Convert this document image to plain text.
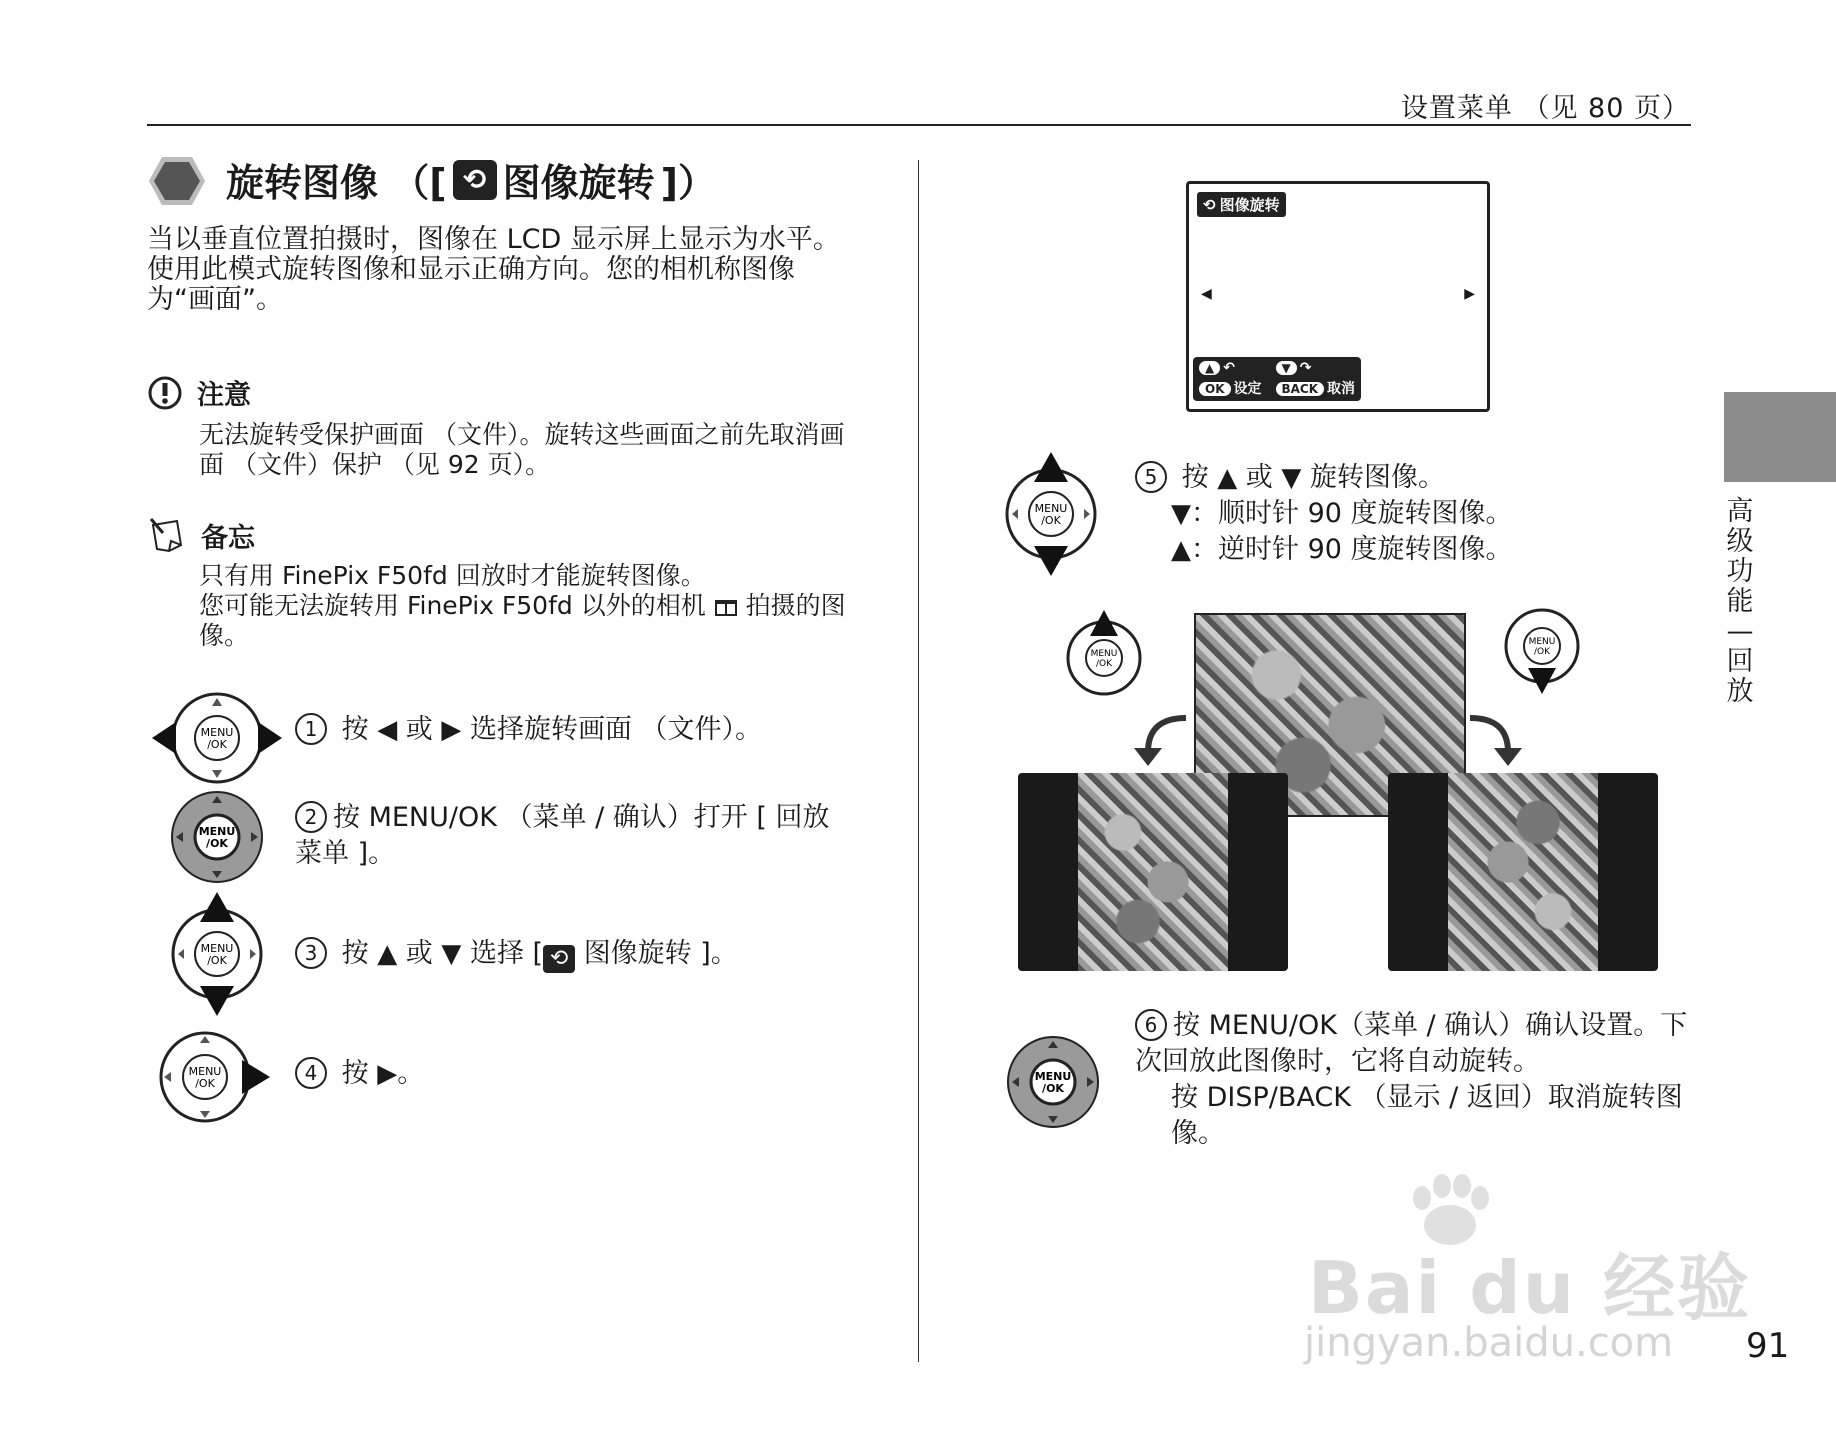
设置菜单 （见 80 页）
旋转图像 （[ ⟲ 图像旋转 ]）
当以垂直位置拍摄时，图像在 LCD 显示屏上显示为水平。
使用此模式旋转图像和显示正确方向。您的相机称图像为“画面”。
注意
无法旋转受保护画面 （文件）。旋转这些画面之前先取消画面 （文件）保护 （见 92 页）。
备忘
只有用 FinePix F50fd 回放时才能旋转图像。
您可能无法旋转用 FinePix F50fd 以外的相机 拍摄的图像。
MENU
/OK
MENU
/OK
MENU
/OK
MENU
/OK
1 按 ◀ 或 ▶ 选择旋转画面 （文件）。
2 按 MENU/OK （菜单 / 确认）打开 [ 回放菜单 ]。
3 按 ▲ 或 ▼ 选择 [ ⟲ 图像旋转 ]。
4 按 ▶。
⟲ 图像旋转
◀	▶
▲ ↶	▼ ↷
OK 设定	BACK 取消
MENU
/OK
5 按 ▲ 或 ▼ 旋转图像。
▼：顺时针 90 度旋转图像。
▲：逆时针 90 度旋转图像。
MENU
/OK
MENU
/OK
MENU
/OK
6 按 MENU/OK（菜单 / 确认）确认设置。下次回放此图像时，它将自动旋转。
按 DISP/BACK （显示 / 返回）取消旋转图像。
高级功能—回放
Bai du 经验
jingyan.baidu.com 91
